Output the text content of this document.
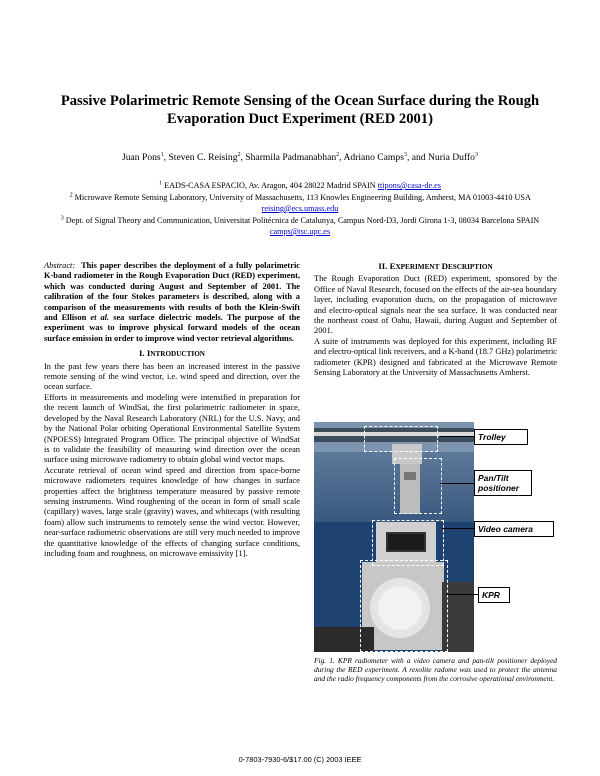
Passive Polarimetric Remote Sensing of the Ocean Surface during the Rough Evaporation Duct Experiment (RED 2001)
Juan Pons$^1$, Steven C. Reising$^2$, Sharmila Padmanabhan$^2$, Adriano Camps$^3$, and Nuria Duffo$^3$

$^1$ EADS-CASA ESPACIO, Av. Aragon, 404 28022 Madrid SPAIN ttipons@casa-de.es

$^2$ Microwave Remote Sensing Laboratory, University of Massachusetts, 113 Knowles Engineering Building, Amherst, MA 01003-4410 USA reising@ecs.umass.edu

$^3$ Dept. of Signal Theory and Communication, Universitat Politécnica de Catalunya, Campus Nord-D3, Jordi Girona 1-3, 08034 Barcelona SPAIN camps@tsc.upc.es

Abstract: This paper describes the deployment of a fully polarimetric K-band radiometer in the Rough Evaporation Duct (RED) experiment, which was conducted during August and September of 2001. The calibration of the four Stokes parameters is described, along with a comparison of the measurements with results of both the Klein-Swift and Ellison et al. sea surface dielectric models. The purpose of the experiment was to improve physical forward models of the ocean surface emission in order to improve wind vector retrieval algorithms.

I. INTRODUCTION

In the past few years there has been an increased interest in the passive remote sensing of the wind vector, i.e. wind speed and direction, over the ocean surface.

Efforts in measurements and modeling were intensified in preparation for the recent launch of WindSat, the first polarimetric radiometer in space, developed by the Naval Research Laboratory (NRL) for the U.S. Navy, and by the National Polar orbiting Operational Environmental Satellite System (NPOESS) Integrated Program Office. The principal objective of WindSat is to validate the feasibility of measuring wind direction over the ocean surface using microwave radiometry to obtain global wind vector maps.

Accurate retrieval of ocean wind speed and direction from space-borne microwave radiometers requires knowledge of how changes in surface properties affect the brightness temperature measured by passive remote sensing instruments. Wind roughening of the ocean in form of small scale (capillary) waves, large scale (gravity) waves, and whitecaps (with resulting foam) allow such instruments to remotely sense the wind vector. However, near-surface radiometric observations are still very much needed to improve the quantitative knowledge of the effects of changing surface conditions, including foam and roughness, on microwave emissivity [1].

II. EXPERIMENT DESCRIPTION

The Rough Evaporation Duct (RED) experiment, sponsored by the Office of Naval Research, focused on the effects of the air-sea boundary layer, including evaporation ducts, on the propagation of microwave and electro-optical signals near the sea surface. It was conducted near the northeast coast of Oahu, Hawaii, during August and September of 2001.

A suite of instruments was deployed for this experiment, including RF and electro-optical link receivers, and a K-band (18.7 GHz) polarimetric radiometer (KPR) designed and fabricated at the Microwave Remote Sensing Laboratory at the University of Massachusetts Amherst.

Trolley
Pan/Tilt positioner
Video camera
KPR
Fig. 1. KPR radiometer with a video camera and pan-tilt positioner deployed during the RED experiment. A rexolite radome was used to protect the antenna and the radio frequency components from the corrosive operational environment.
0-7803-7930-6/$17.00 (C) 2003 IEEE
